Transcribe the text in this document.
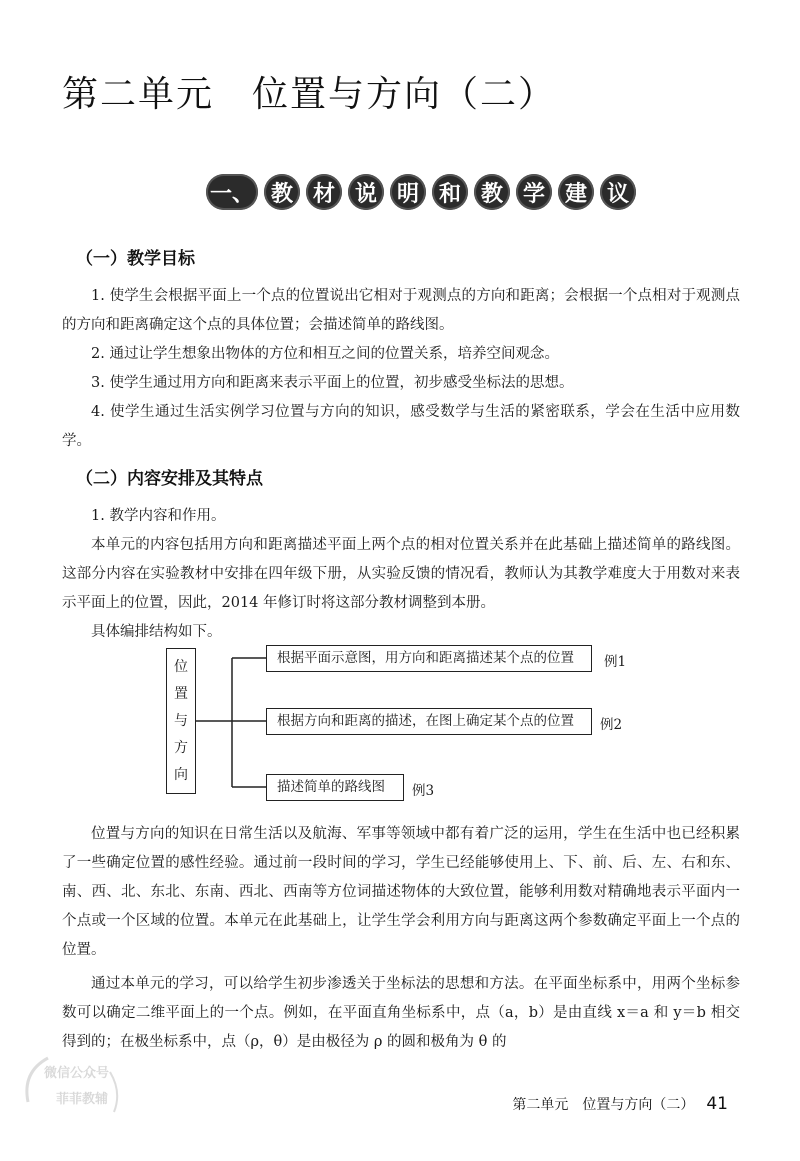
第二单元 位置与方向（二）
一、 教 材 说 明 和 教 学 建 议
（一）教学目标
1. 使学生会根据平面上一个点的位置说出它相对于观测点的方向和距离；会根据一个点相对于观测点的方向和距离确定这个点的具体位置；会描述简单的路线图。
2. 通过让学生想象出物体的方位和相互之间的位置关系，培养空间观念。
3. 使学生通过用方向和距离来表示平面上的位置，初步感受坐标法的思想。
4. 使学生通过生活实例学习位置与方向的知识，感受数学与生活的紧密联系，学会在生活中应用数学。
（二）内容安排及其特点
1. 教学内容和作用。
本单元的内容包括用方向和距离描述平面上两个点的相对位置关系并在此基础上描述简单的路线图。这部分内容在实验教材中安排在四年级下册，从实验反馈的情况看，教师认为其教学难度大于用数对来表示平面上的位置，因此，2014 年修订时将这部分教材调整到本册。
具体编排结构如下。
位
置
与
方
向
根据平面示意图，用方向和距离描述某个点的位置	例1
根据方向和距离的描述，在图上确定某个点的位置	例2
描述简单的路线图	例3
位置与方向的知识在日常生活以及航海、军事等领域中都有着广泛的运用，学生在生活中也已经积累了一些确定位置的感性经验。通过前一段时间的学习，学生已经能够使用上、下、前、后、左、右和东、南、西、北、东北、东南、西北、西南等方位词描述物体的大致位置，能够利用数对精确地表示平面内一个点或一个区域的位置。本单元在此基础上，让学生学会利用方向与距离这两个参数确定平面上一个点的位置。
通过本单元的学习，可以给学生初步渗透关于坐标法的思想和方法。在平面坐标系中，用两个坐标参数可以确定二维平面上的一个点。例如，在平面直角坐标系中，点（a，b）是由直线 x＝a 和 y＝b 相交得到的；在极坐标系中，点（ρ，θ）是由极径为 ρ 的圆和极角为 θ 的
微信公众号
菲菲教辅	第二单元　位置与方向（二） 41
